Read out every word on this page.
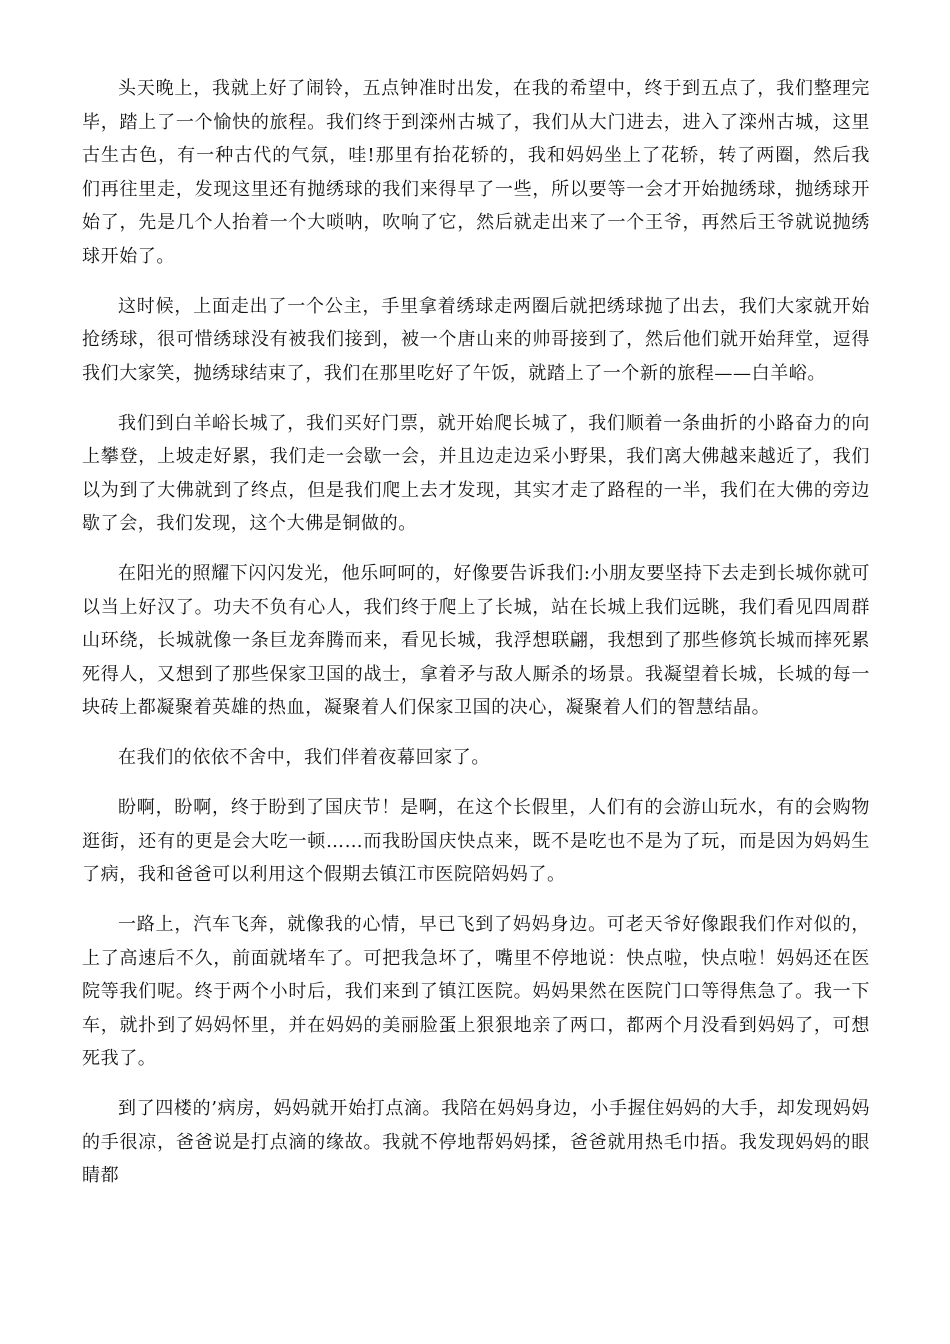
头天晚上，我就上好了闹铃，五点钟准时出发，在我的希望中，终于到五点了，我们整理完毕，踏上了一个愉快的旅程。我们终于到滦州古城了，我们从大门进去，进入了滦州古城，这里古生古色，有一种古代的气氛，哇!那里有抬花轿的，我和妈妈坐上了花轿，转了两圈，然后我们再往里走，发现这里还有抛绣球的我们来得早了一些，所以要等一会才开始抛绣球，抛绣球开始了，先是几个人抬着一个大唢呐，吹响了它，然后就走出来了一个王爷，再然后王爷就说抛绣球开始了。

这时候，上面走出了一个公主，手里拿着绣球走两圈后就把绣球抛了出去，我们大家就开始抢绣球，很可惜绣球没有被我们接到，被一个唐山来的帅哥接到了，然后他们就开始拜堂，逗得我们大家笑，抛绣球结束了，我们在那里吃好了午饭，就踏上了一个新的旅程——白羊峪。

我们到白羊峪长城了，我们买好门票，就开始爬长城了，我们顺着一条曲折的小路奋力的向上攀登，上坡走好累，我们走一会歇一会，并且边走边采小野果，我们离大佛越来越近了，我们以为到了大佛就到了终点，但是我们爬上去才发现，其实才走了路程的一半，我们在大佛的旁边歇了会，我们发现，这个大佛是铜做的。

在阳光的照耀下闪闪发光，他乐呵呵的，好像要告诉我们:小朋友要坚持下去走到长城你就可以当上好汉了。功夫不负有心人，我们终于爬上了长城，站在长城上我们远眺，我们看见四周群山环绕，长城就像一条巨龙奔腾而来，看见长城，我浮想联翩，我想到了那些修筑长城而摔死累死得人，又想到了那些保家卫国的战士，拿着矛与敌人厮杀的场景。我凝望着长城，长城的每一块砖上都凝聚着英雄的热血，凝聚着人们保家卫国的决心，凝聚着人们的智慧结晶。

在我们的依依不舍中，我们伴着夜幕回家了。

盼啊，盼啊，终于盼到了国庆节！是啊，在这个长假里，人们有的会游山玩水，有的会购物逛街，还有的更是会大吃一顿……而我盼国庆快点来，既不是吃也不是为了玩，而是因为妈妈生了病，我和爸爸可以利用这个假期去镇江市医院陪妈妈了。

一路上，汽车飞奔，就像我的心情，早已飞到了妈妈身边。可老天爷好像跟我们作对似的，上了高速后不久，前面就堵车了。可把我急坏了，嘴里不停地说：快点啦，快点啦！妈妈还在医院等我们呢。终于两个小时后，我们来到了镇江医院。妈妈果然在医院门口等得焦急了。我一下车，就扑到了妈妈怀里，并在妈妈的美丽脸蛋上狠狠地亲了两口，都两个月没看到妈妈了，可想死我了。

到了四楼的’病房，妈妈就开始打点滴。我陪在妈妈身边，小手握住妈妈的大手，却发现妈妈的手很凉，爸爸说是打点滴的缘故。我就不停地帮妈妈揉，爸爸就用热毛巾捂。我发现妈妈的眼睛都
